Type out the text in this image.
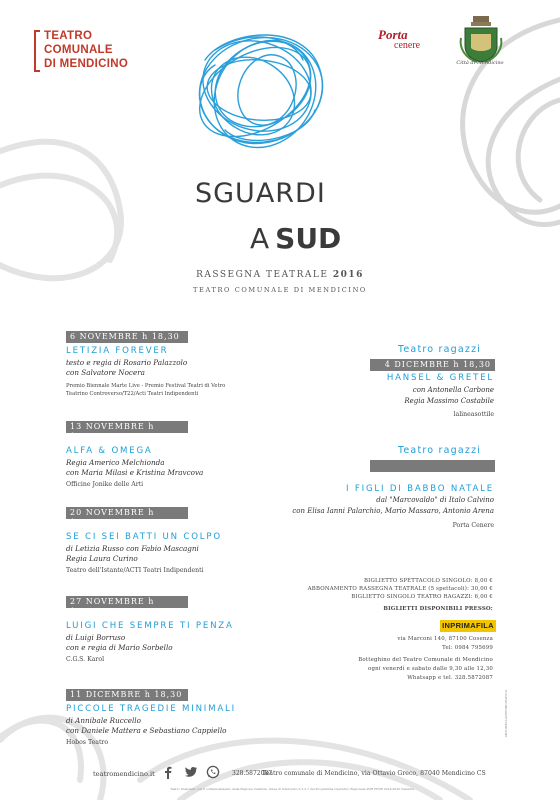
TEATRO
COMUNALE
DI MENDICINO
Porta
cenere
Città di Mendicino
SGUARDI
A SUD
RASSEGNA TEATRALE 2016
TEATRO COMUNALE DI MENDICINO
6 NOVEMBRE h 18,30
LETIZIA FOREVER
testo e regia di Rosario Palazzolo
con Salvatore Nocera
Premio Biennale Marte Live - Premio Festival Teatri di Vetro
Teatrino Controverso/T22/Acti Teatri Indipendenti
13 NOVEMBRE h 18,30
ALFA & OMEGA
Regia Americo Melchionda
con Maria Milasi e Kristina Mravcova
Officine Jonike delle Arti
20 NOVEMBRE h 18,30
SE CI SEI BATTI UN COLPO
di Letizia Russo con Fabio Mascagni
Regia Laura Curino
Teatro dell'Istante/ACTI Teatri Indipendenti
27 NOVEMBRE h 18,30
LUIGI CHE SEMPRE TI PENZA
di Luigi Borruso
con e regia di Mario Sorbello
C.G.S. Karol
11 DICEMBRE h 18,30
PICCOLE TRAGEDIE MINIMALI
di Annibale Ruccello
con Daniele Mattera e Sebastiano Cappiello
Hobos Teatro
Teatro ragazzi
4 DICEMBRE h 18,30
HANSEL & GRETEL
con Antonella Carbone
Regia Massimo Costabile
lalineasottile
Teatro ragazzi
I FIGLI DI BABBO NATALE
dal "Marcovaldo" di Italo Calvino
con Elisa Ianni Palarchio, Mario Massaro, Antonio Arena
Porta Cenere
BIGLIETTO SPETTACOLO SINGOLO: 8,00 €
ABBONAMENTO RASSEGNA TEATRALE (5 spettacoli): 30,00 €
BIGLIETTO SINGOLO TEATRO RAGAZZI: 6,00 €
BIGLIETTI DISPONIBILI PRESSO:
INPRIMAFILA
via Marconi 140, 87100 Cosenza
Tel: 0984 795699
Botteghino del Teatro Comunale di Mendicino
ogni venerdì e sabato dalle 9,30 alle 12,30
Whatsapp e tel. 328.5872087
ANTONELLAPIERINIGRAFICA
teatromendicino.it	328.5872087
Teatro comunale di Mendicino, via Ottavio Greco, 87040 Mendicino CS
Teatro finanziato con il cofinanziamento della Regione Calabria. Linea di intervento 5.2.2.1 del Programma Operativo Regionale POR FESR 2014-2020 Calabria
